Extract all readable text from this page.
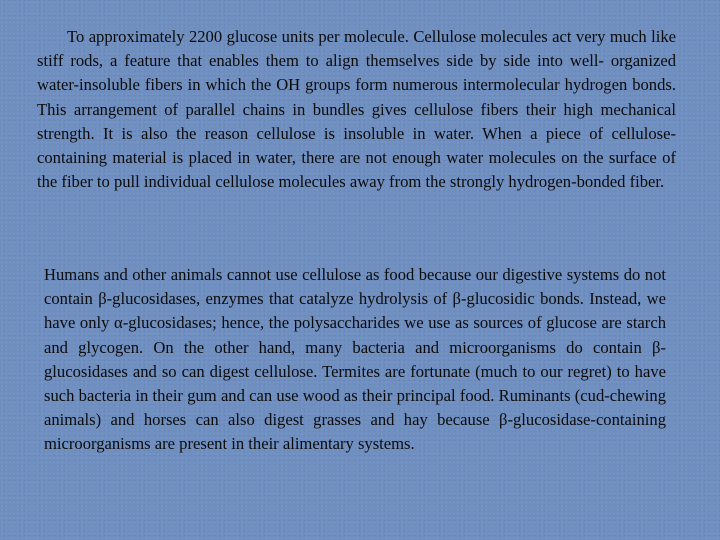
To approximately 2200 glucose units per molecule. Cellulose molecules act very much like stiff rods, a feature that enables them to align themselves side by side into well- organized water-insoluble fibers in which the OH groups form numerous intermolecular hydrogen bonds. This arrangement of parallel chains in bundles gives cellulose fibers their high mechanical strength. It is also the reason cellulose is insoluble in water. When a piece of cellulose-containing material is placed in water, there are not enough water molecules on the surface of the fiber to pull individual cellulose molecules away from the strongly hydrogen-bonded fiber.

Humans and other animals cannot use cellulose as food because our digestive systems do not contain β-glucosidases, enzymes that catalyze hydrolysis of β-glucosidic bonds. Instead, we have only α-glucosidases; hence, the polysaccharides we use as sources of glucose are starch and glycogen. On the other hand, many bacteria and microorganisms do contain β-glucosidases and so can digest cellulose. Termites are fortunate (much to our regret) to have such bacteria in their gum and can use wood as their principal food. Ruminants (cud-chewing animals) and horses can also digest grasses and hay because β-glucosidase-containing microorganisms are present in their alimentary systems.
